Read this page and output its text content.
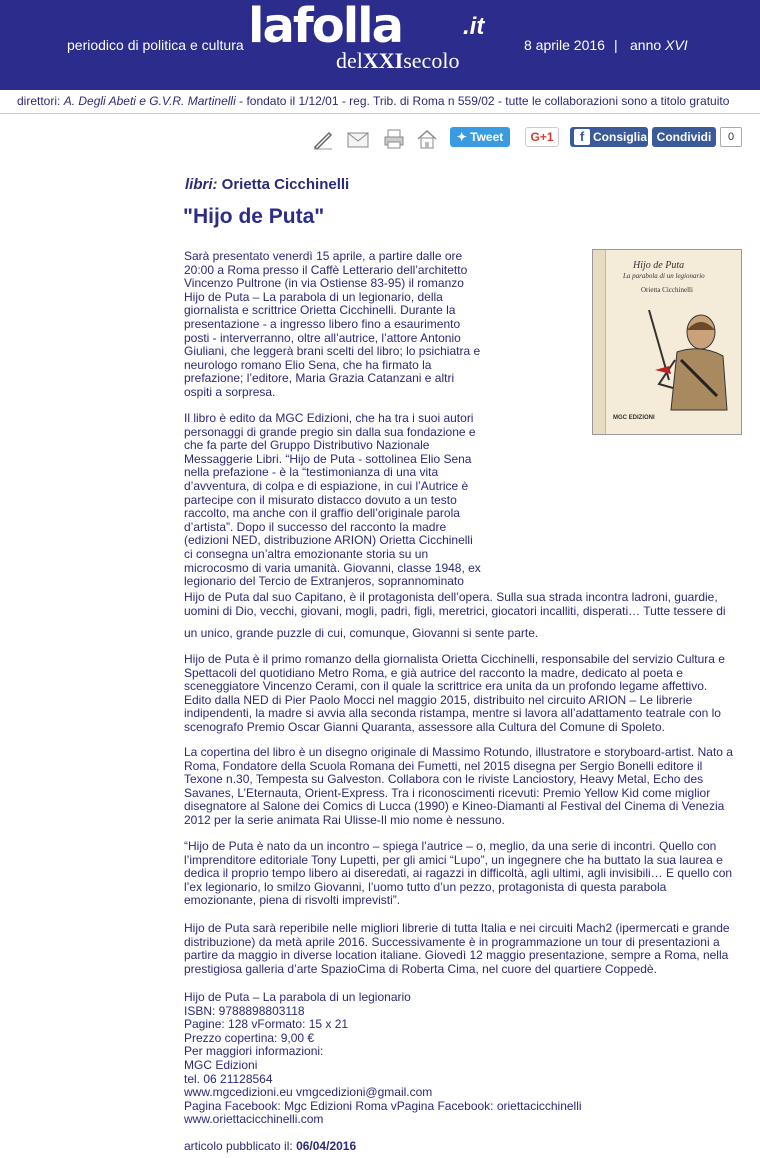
periodico di politica e cultura lafolla	.it
delXXIsecolo
8 aprile 2016 | anno XVI
direttori: A. Degli Abeti e G.V.R. Martinelli - fondato il 1/12/01 - reg. Trib. di Roma n 559/02 - tutte le collaborazioni sono a titolo gratuito
✦ Tweet	G+1	f Consiglia Condividi	0
libri: Orietta Cicchinelli
"Hijo de Puta"
Hijo de Puta
La parabola di un legionario
Orietta Cicchinelli
MGC EDIZIONI
Sarà presentato venerdì 15 aprile, a partire dalle ore 20:00 a Roma presso il Caffè Letterario dell’architetto Vincenzo Pultrone (in via Ostiense 83-95) il romanzo Hijo de Puta – La parabola di un legionario, della giornalista e scrittrice Orietta Cicchinelli. Durante la presentazione - a ingresso libero fino a esaurimento posti - interverranno, oltre all’autrice, l’attore Antonio Giuliani, che leggerà brani scelti del libro; lo psichiatra e neurologo romano Elio Sena, che ha firmato la prefazione; l’editore, Maria Grazia Catanzani e altri ospiti a sorpresa.
Il libro è edito da MGC Edizioni, che ha tra i suoi autori personaggi di grande pregio sin dalla sua fondazione e che fa parte del Gruppo Distributivo Nazionale Messaggerie Libri. “Hijo de Puta - sottolinea Elio Sena nella prefazione - è la “testimonianza di una vita d’avventura, di colpa e di espiazione, in cui l’Autrice è partecipe con il misurato distacco dovuto a un testo raccolto, ma anche con il graffio dell’originale parola d’artista”. Dopo il successo del racconto la madre (edizioni NED, distribuzione ARION) Orietta Cicchinelli ci consegna un’altra emozionante storia su un microcosmo di varia umanità. Giovanni, classe 1948, ex legionario del Tercio de Extranjeros, soprannominato
Hijo de Puta dal suo Capitano, è il protagonista dell’opera. Sulla sua strada incontra ladroni, guardie, uomini di Dio, vecchi, giovani, mogli, padri, figli, meretrici, giocatori incalliti, disperati… Tutte tessere di
un unico, grande puzzle di cui, comunque, Giovanni si sente parte.
Hijo de Puta è il primo romanzo della giornalista Orietta Cicchinelli, responsabile del servizio Cultura e Spettacoli del quotidiano Metro Roma, e già autrice del racconto la madre, dedicato al poeta e sceneggiatore Vincenzo Cerami, con il quale la scrittrice era unita da un profondo legame affettivo. Edito dalla NED di Pier Paolo Mocci nel maggio 2015, distribuito nel circuito ARION – Le librerie indipendenti, la madre si avvia alla seconda ristampa, mentre si lavora all’adattamento teatrale con lo scenografo Premio Oscar Gianni Quaranta, assessore alla Cultura del Comune di Spoleto.
La copertina del libro è un disegno originale di Massimo Rotundo, illustratore e storyboard-artist. Nato a Roma, Fondatore della Scuola Romana dei Fumetti, nel 2015 disegna per Sergio Bonelli editore il Texone n.30, Tempesta su Galveston. Collabora con le riviste Lanciostory, Heavy Metal, Echo des Savanes, L’Eternauta, Orient-Express. Tra i riconoscimenti ricevuti: Premio Yellow Kid come miglior disegnatore al Salone dei Comics di Lucca (1990) e Kineo-Diamanti al Festival del Cinema di Venezia 2012 per la serie animata Rai Ulisse-Il mio nome è nessuno.
“Hijo de Puta è nato da un incontro – spiega l’autrice – o, meglio, da una serie di incontri. Quello con l’imprenditore editoriale Tony Lupetti, per gli amici “Lupo”, un ingegnere che ha buttato la sua laurea e dedica il proprio tempo libero ai diseredati, ai ragazzi in difficoltà, agli ultimi, agli invisibili… E quello con l’ex legionario, lo smilzo Giovanni, l’uomo tutto d’un pezzo, protagonista di questa parabola emozionante, piena di risvolti imprevisti”.
Hijo de Puta sarà reperibile nelle migliori librerie di tutta Italia e nei circuiti Mach2 (ipermercati e grande distribuzione) da metà aprile 2016. Successivamente è in programmazione un tour di presentazioni a partire da maggio in diverse location italiane. Giovedì 12 maggio presentazione, sempre a Roma, nella prestigiosa galleria d’arte SpazioCima di Roberta Cima, nel cuore del quartiere Coppedè.
Hijo de Puta – La parabola di un legionario
ISBN: 9788898803118
Pagine: 128 vFormato: 15 x 21
Prezzo copertina: 9,00 €
Per maggiori informazioni:
MGC Edizioni
tel. 06 21128564
www.mgcedizioni.eu vmgcedizioni@gmail.com
Pagina Facebook: Mgc Edizioni Roma vPagina Facebook: oriettacicchinelli
www.oriettacicchinelli.com
articolo pubblicato il: 06/04/2016
